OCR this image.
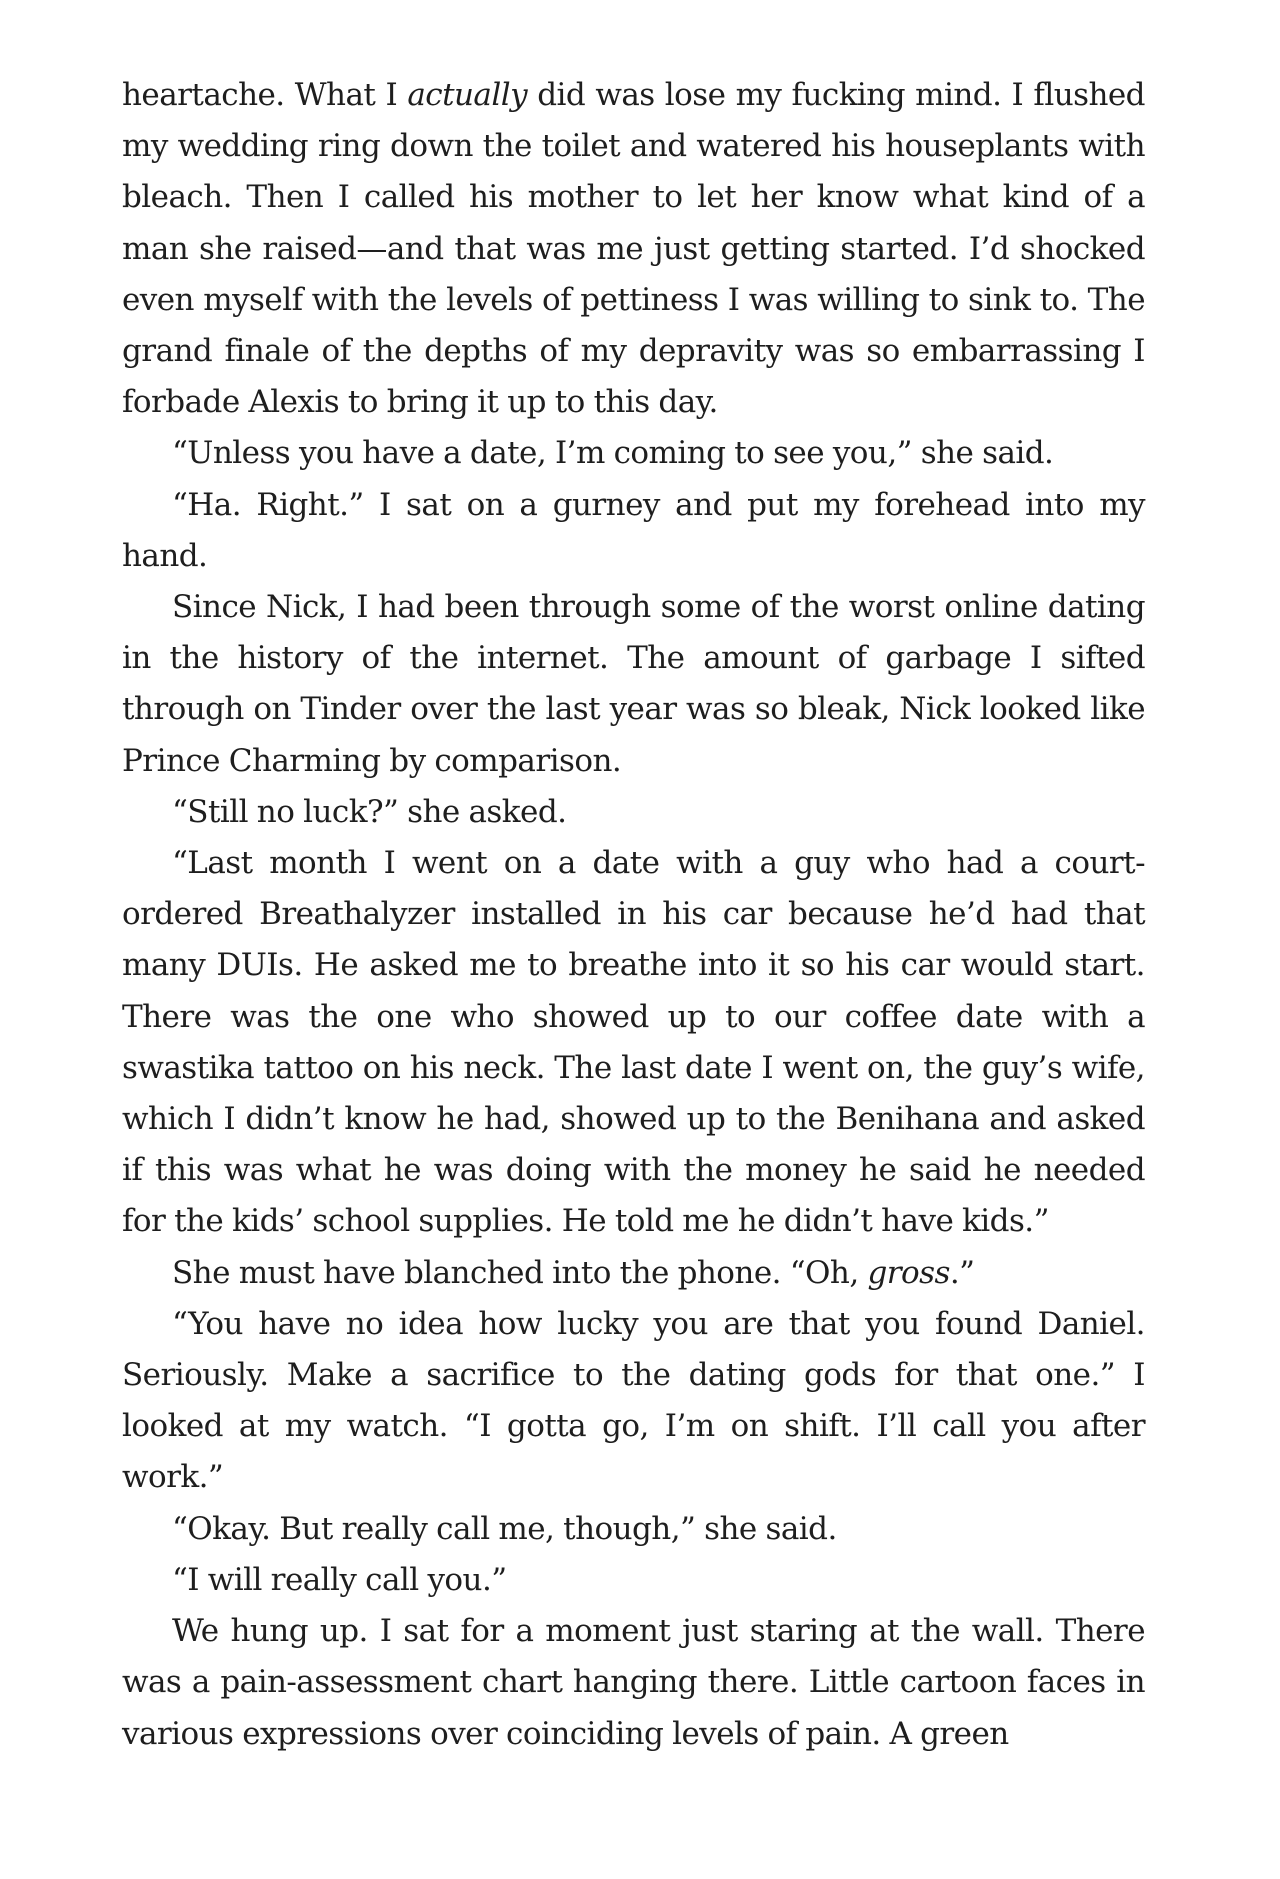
heartache. What I actually did was lose my fucking mind. I flushed my wedding ring down the toilet and watered his houseplants with bleach. Then I called his mother to let her know what kind of a man she raised—and that was me just getting started. I’d shocked even myself with the levels of pettiness I was willing to sink to. The grand finale of the depths of my depravity was so embarrassing I forbade Alexis to bring it up to this day.

“Unless you have a date, I’m coming to see you,” she said.

“Ha. Right.” I sat on a gurney and put my forehead into my hand.

Since Nick, I had been through some of the worst online dating in the history of the internet. The amount of garbage I sifted through on Tinder over the last year was so bleak, Nick looked like Prince Charming by comparison.

“Still no luck?” she asked.

“Last month I went on a date with a guy who had a court-ordered Breathalyzer installed in his car because he’d had that many DUIs. He asked me to breathe into it so his car would start. There was the one who showed up to our coffee date with a swastika tattoo on his neck. The last date I went on, the guy’s wife, which I didn’t know he had, showed up to the Benihana and asked if this was what he was doing with the money he said he needed for the kids’ school supplies. He told me he didn’t have kids.”

She must have blanched into the phone. “Oh, gross.”

“You have no idea how lucky you are that you found Daniel. Seriously. Make a sacrifice to the dating gods for that one.” I looked at my watch. “I gotta go, I’m on shift. I’ll call you after work.”

“Okay. But really call me, though,” she said.

“I will really call you.”

We hung up. I sat for a moment just staring at the wall. There was a pain-assessment chart hanging there. Little cartoon faces in various expressions over coinciding levels of pain. A green
